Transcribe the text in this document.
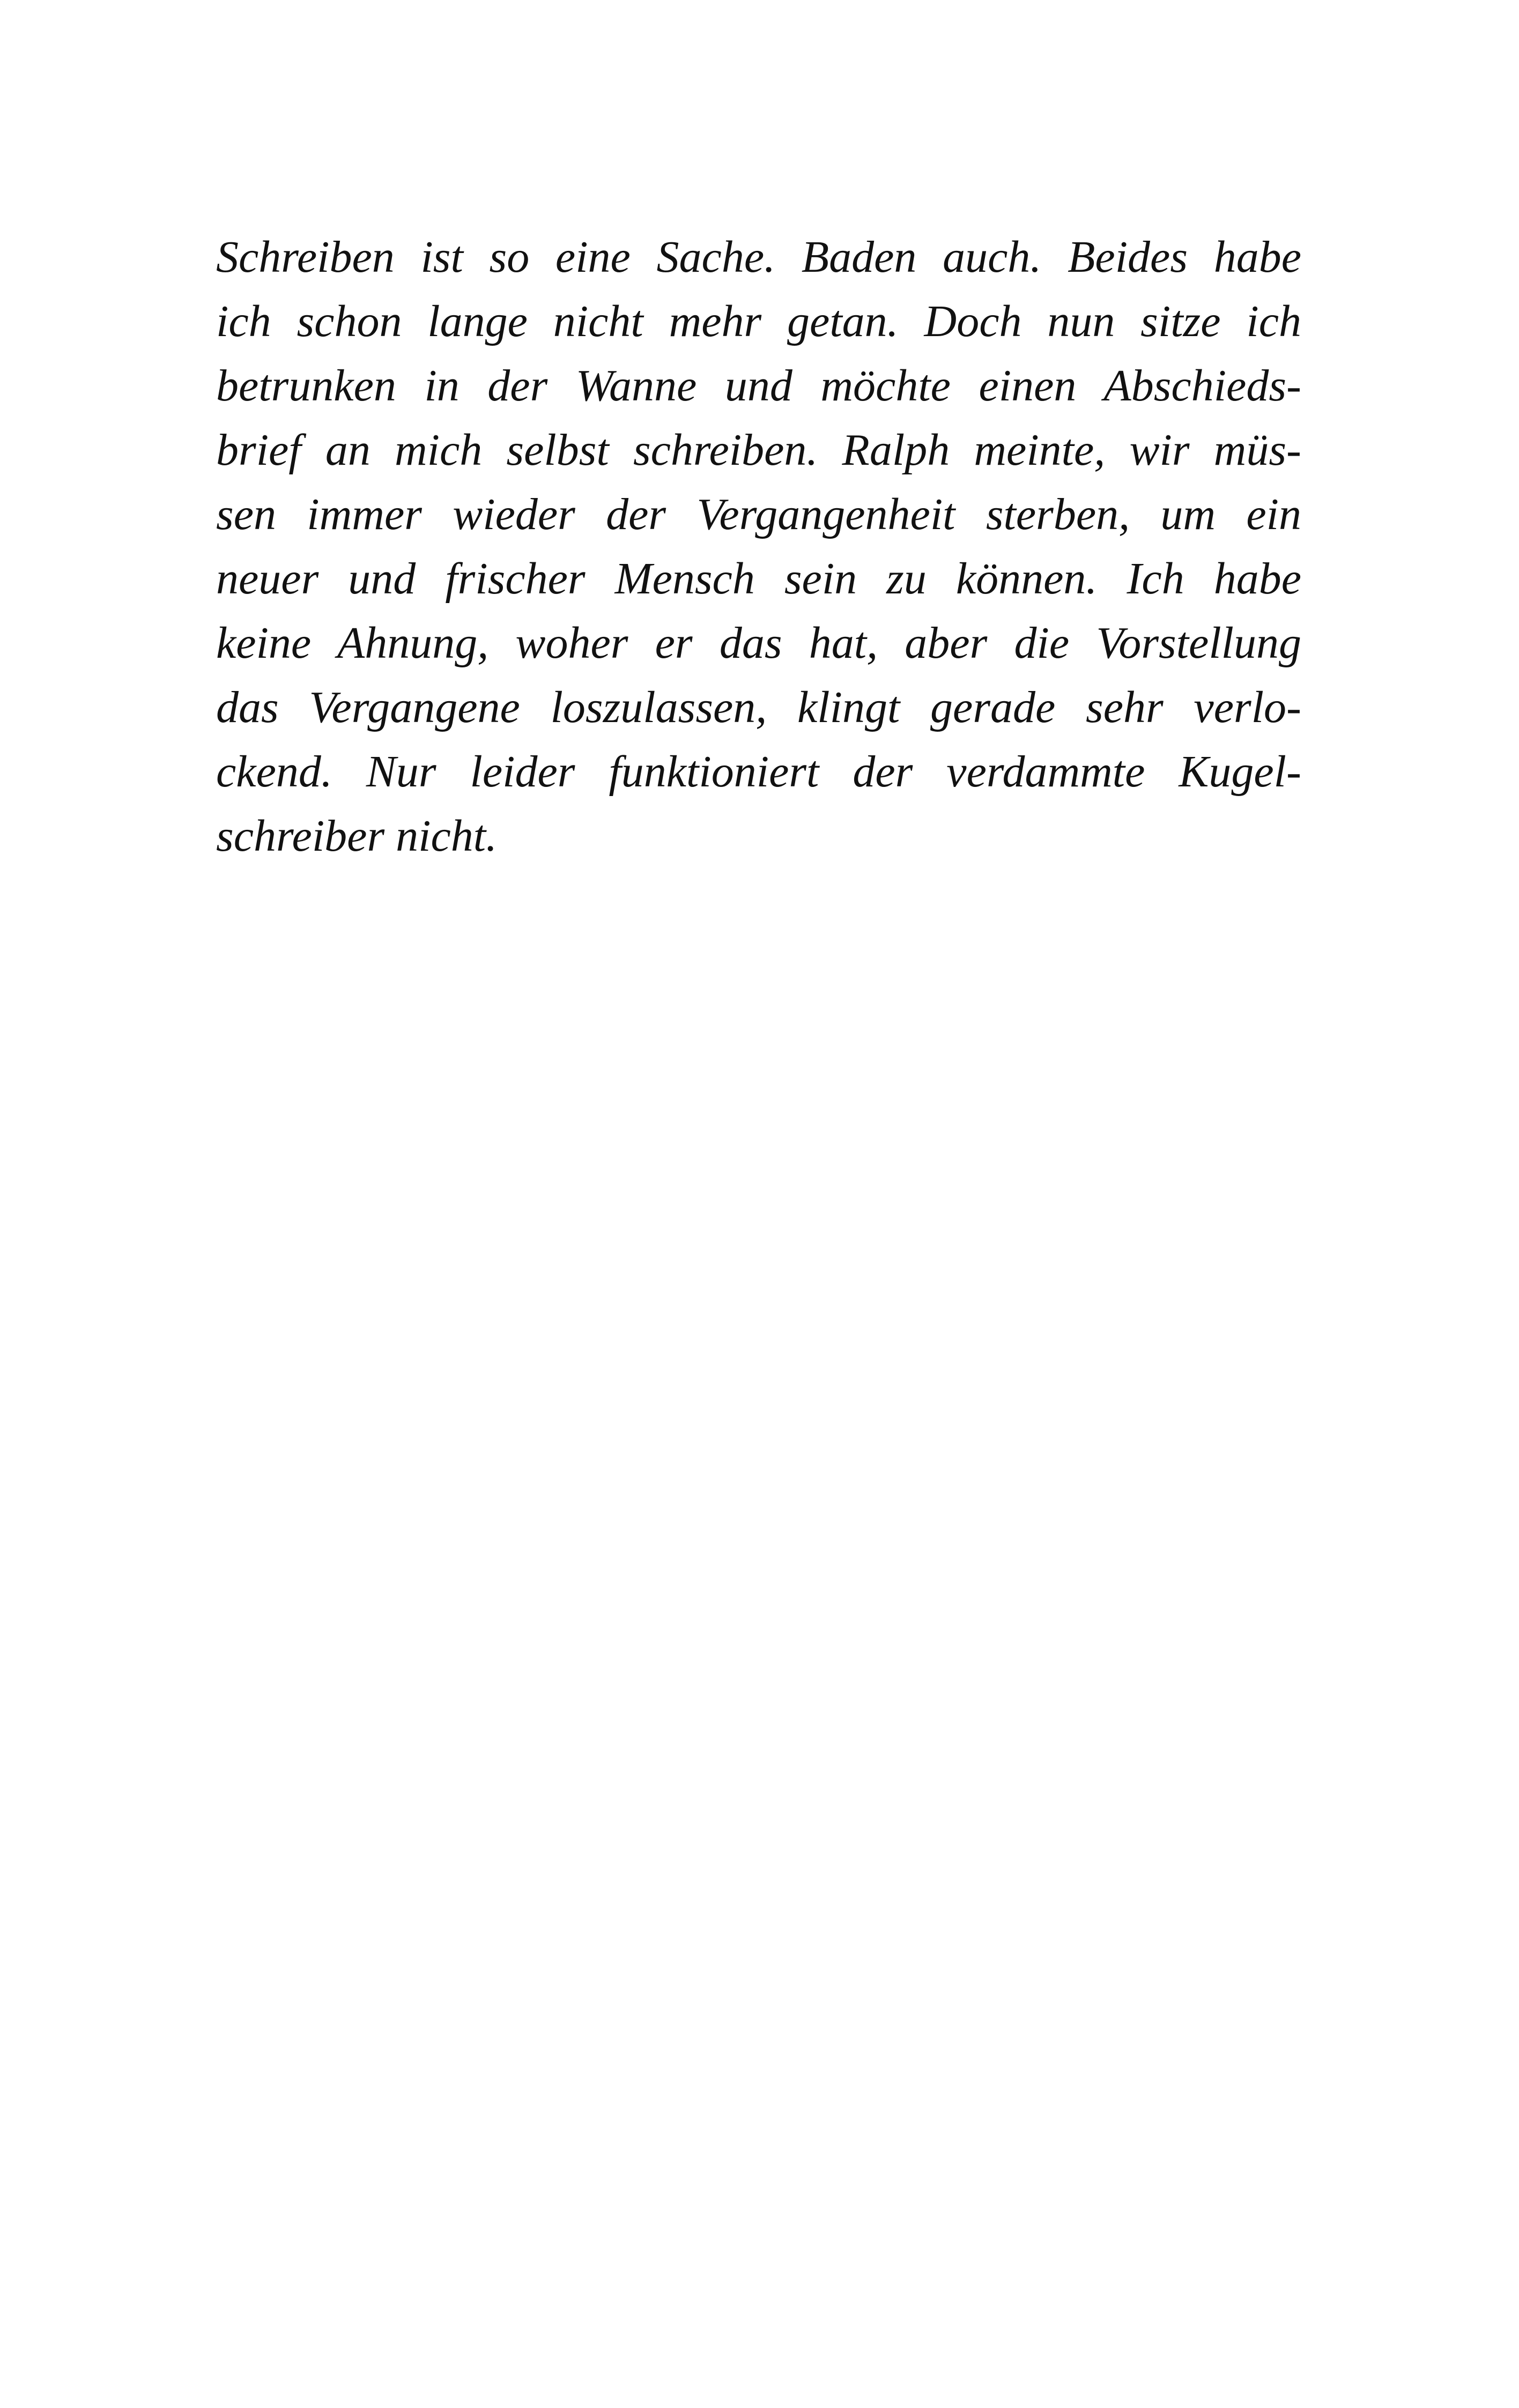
Schreiben ist so eine Sache. Baden auch. Beides habe
ich schon lange nicht mehr getan. Doch nun sitze ich
betrunken in der Wanne und möchte einen Abschieds-
brief an mich selbst schreiben. Ralph meinte, wir müs-
sen immer wieder der Vergangenheit sterben, um ein
neuer und frischer Mensch sein zu können. Ich habe
keine Ahnung, woher er das hat, aber die Vorstellung
das Vergangene loszulassen, klingt gerade sehr verlo-
ckend. Nur leider funktioniert der verdammte Kugel-
schreiber nicht.
